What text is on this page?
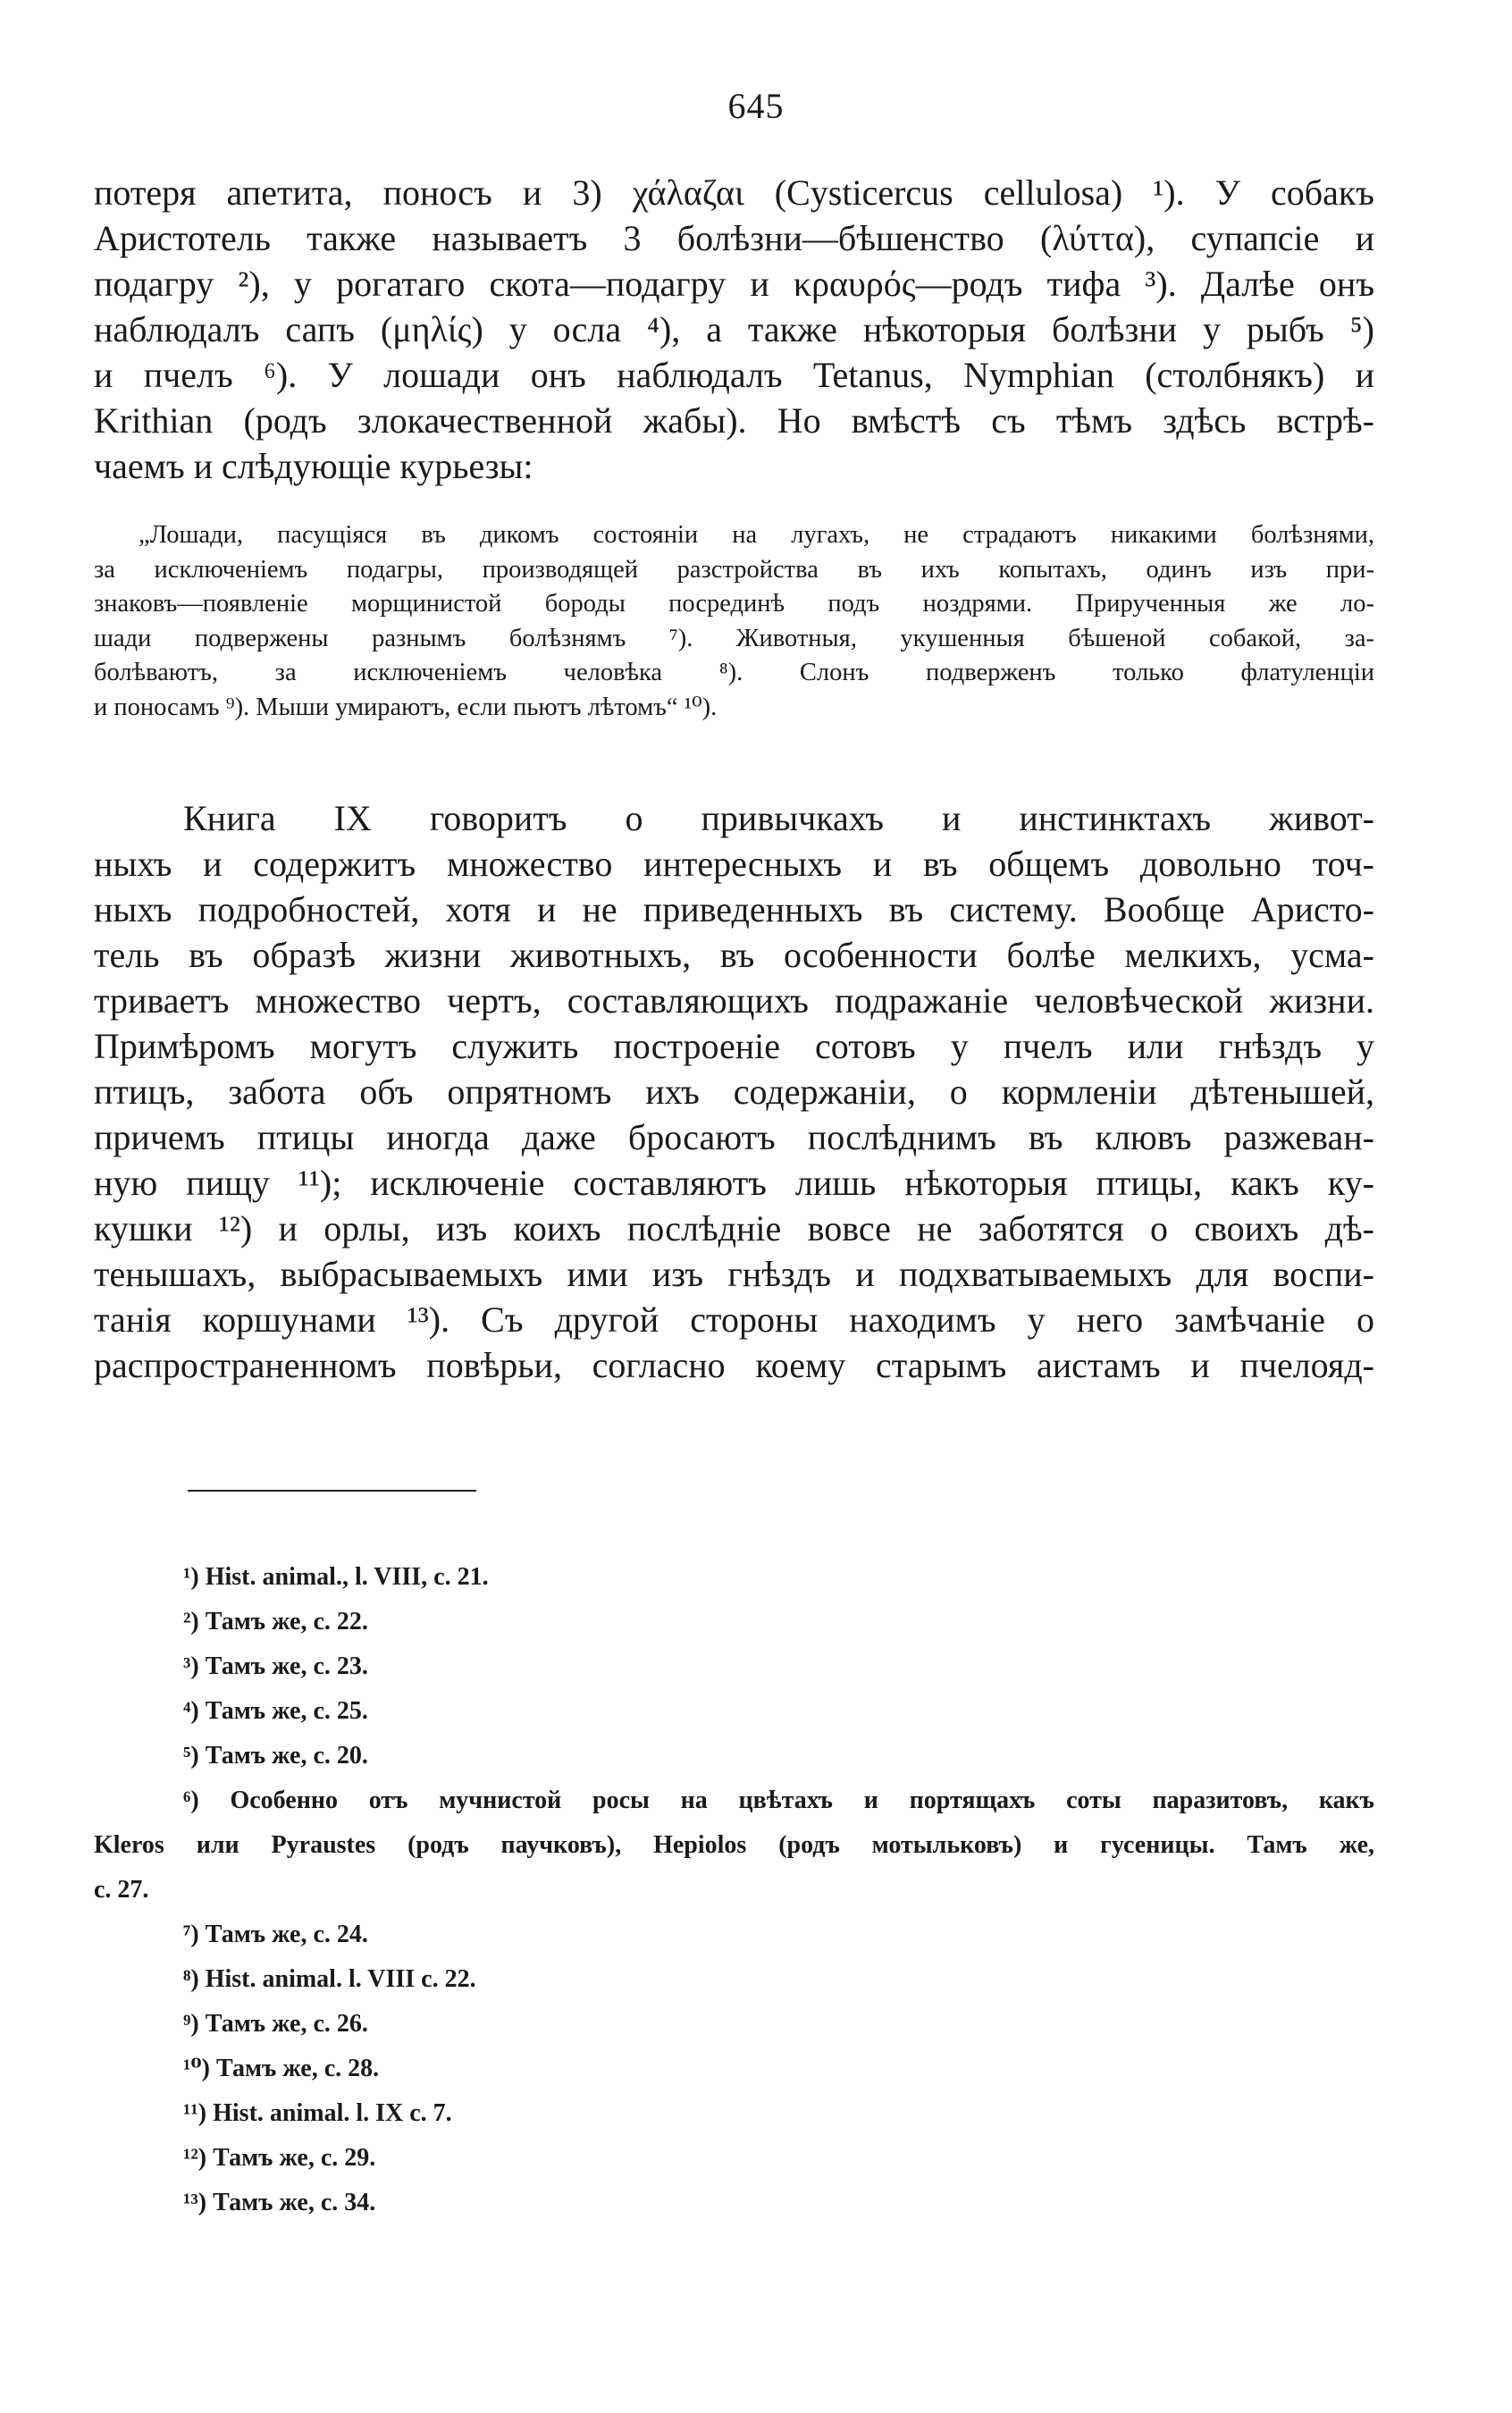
645
потеря апетита, поносъ и 3) χάλαζαι (Cysticercus cellulosa) ¹). У собакъ
Аристотель также называетъ 3 болѣзни—бѣшенство (λύττα), супапсіе и
подагру ²), у рогатаго скота—подагру и κραυρός—родъ тифа ³). Далѣе онъ
наблюдалъ сапъ (μηλίς) у осла ⁴), а также нѣкоторыя болѣзни у рыбъ ⁵)
и пчелъ ⁶). У лошади онъ наблюдалъ Tetanus, Nymphian (столбнякъ) и
Krithian (родъ злокачественной жабы). Но вмѣстѣ съ тѣмъ здѣсь встрѣ-
чаемъ и слѣдующіе курьезы:
„Лошади, пасущіяся въ дикомъ состояніи на лугахъ, не страдаютъ никакими болѣзнями,
за исключеніемъ подагры, производящей разстройства въ ихъ копытахъ, одинъ изъ при-
знаковъ—появленіе морщинистой бороды посрединѣ подъ ноздрями. Прирученныя же ло-
шади подвержены разнымъ болѣзнямъ ⁷). Животныя, укушенныя бѣшеной собакой, за-
болѣваютъ, за исключеніемъ человѣка ⁸). Слонъ подверженъ только флатуленціи
и поносамъ ⁹). Мыши умираютъ, если пьютъ лѣтомъ“ ¹⁰).
Книга IX говоритъ о привычкахъ и инстинктахъ живот-
ныхъ и содержитъ множество интересныхъ и въ общемъ довольно точ-
ныхъ подробностей, хотя и не приведенныхъ въ систему. Вообще Аристо-
тель въ образѣ жизни животныхъ, въ особенности болѣе мелкихъ, усма-
триваетъ множество чертъ, составляющихъ подражаніе человѣческой жизни.
Примѣромъ могутъ служить построеніе сотовъ у пчелъ или гнѣздъ у
птицъ, забота объ опрятномъ ихъ содержаніи, о кормленіи дѣтенышей,
причемъ птицы иногда даже бросаютъ послѣднимъ въ клювъ разжеван-
ную пищу ¹¹); исключеніе составляютъ лишь нѣкоторыя птицы, какъ ку-
кушки ¹²) и орлы, изъ коихъ послѣдніе вовсе не заботятся о своихъ дѣ-
тенышахъ, выбрасываемыхъ ими изъ гнѣздъ и подхватываемыхъ для воспи-
танія коршунами ¹³). Съ другой стороны находимъ у него замѣчаніе о
распространенномъ повѣрьи, согласно коему старымъ аистамъ и пчелояд-
¹) Hist. animal., l. VIII, c. 21.
²) Тамъ же, с. 22.
³) Тамъ же, с. 23.
⁴) Тамъ же, с. 25.
⁵) Тамъ же, с. 20.
⁶) Особенно отъ мучнистой росы на цвѣтахъ и портящахъ соты паразитовъ, какъ
Kleros или Pyraustes (родъ паучковъ), Hepiolos (родъ мотыльковъ) и гусеницы. Тамъ же,
с. 27.
⁷) Тамъ же, с. 24.
⁸) Hist. animal. l. VIII c. 22.
⁹) Тамъ же, с. 26.
¹⁰) Тамъ же, с. 28.
¹¹) Hist. animal. l. IX c. 7.
¹²) Тамъ же, с. 29.
¹³) Тамъ же, с. 34.
